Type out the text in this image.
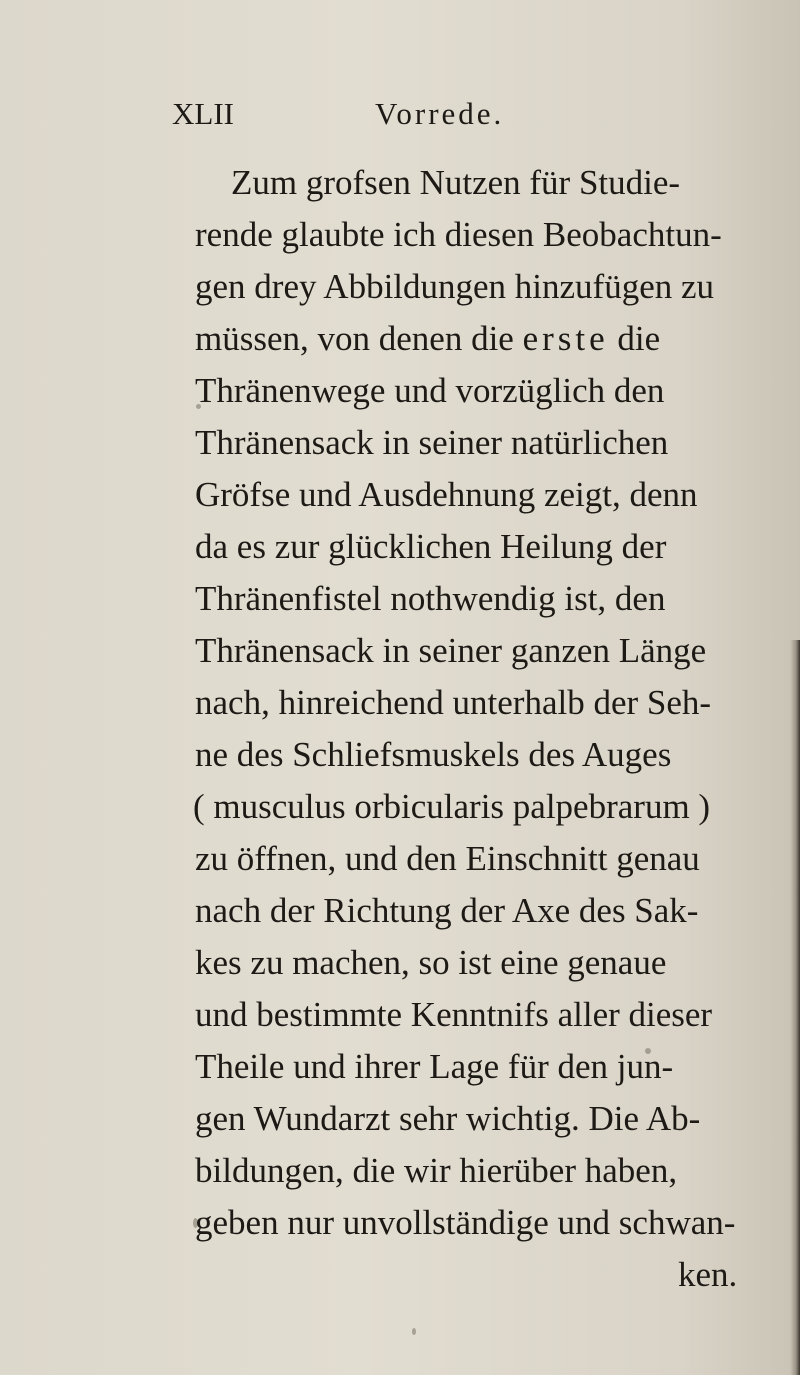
XLII	Vorrede.
Zum grofsen Nutzen für Studie-
rende glaubte ich diesen Beobachtun-
gen drey Abbildungen hinzufügen zu
müssen, von denen die erste die
Thränenwege und vorzüglich den
Thränensack in seiner natürlichen
Gröfse und Ausdehnung zeigt, denn
da es zur glücklichen Heilung der
Thränenfistel nothwendig ist, den
Thränensack in seiner ganzen Länge
nach, hinreichend unterhalb der Seh-
ne des Schliefsmuskels des Auges
( musculus orbicularis palpebrarum )
zu öffnen, und den Einschnitt genau
nach der Richtung der Axe des Sak-
kes zu machen, so ist eine genaue
und bestimmte Kenntnifs aller dieser
Theile und ihrer Lage für den jun-
gen Wundarzt sehr wichtig. Die Ab-
bildungen, die wir hierüber haben,
geben nur unvollständige und schwan-
ken.
